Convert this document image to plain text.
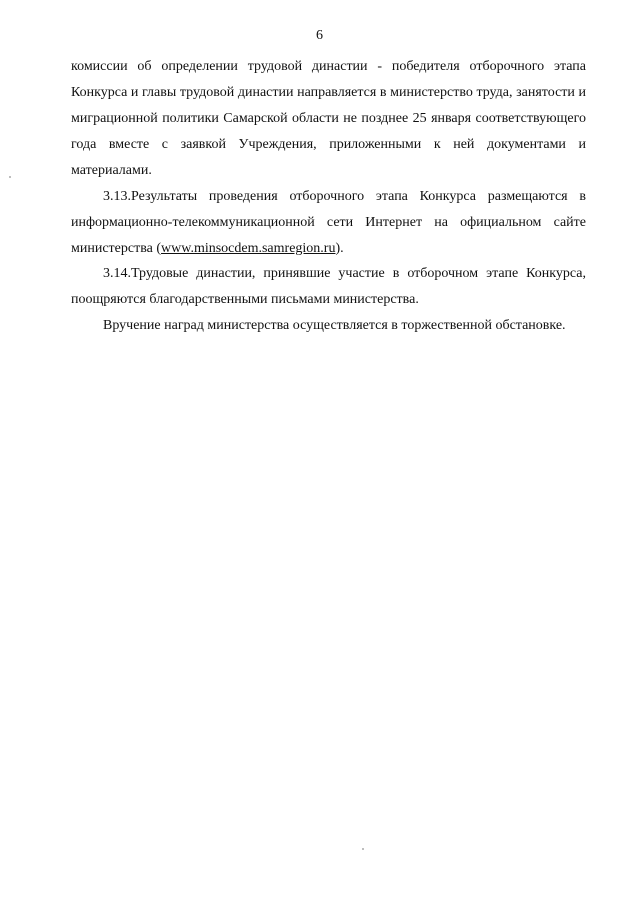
6
комиссии об определении трудовой династии - победителя отборочного этапа Конкурса и главы трудовой династии направляется в министерство труда, занятости и миграционной политики Самарской области не позднее 25 января соответствующего года вместе с заявкой Учреждения, приложенными к ней документами и материалами.
3.13.Результаты проведения отборочного этапа Конкурса размещаются в информационно-телекоммуникационной сети Интернет на официальном сайте министерства (www.minsocdem.samregion.ru).
3.14.Трудовые династии, принявшие участие в отборочном этапе Конкурса, поощряются благодарственными письмами министерства.
Вручение наград министерства осуществляется в торжественной обстановке.
